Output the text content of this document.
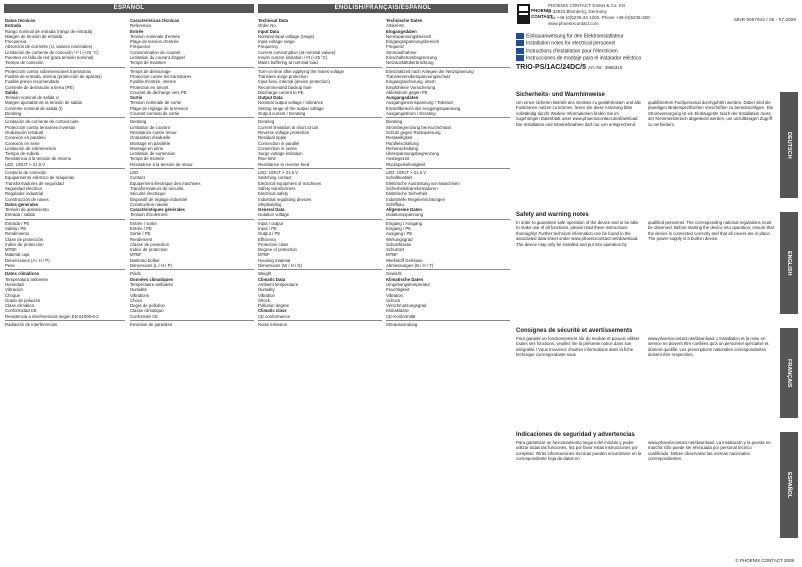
ESPAÑOL	ENGLISH/FRANÇAIS/ESPAÑOL	PHOENIX
CONTACT
PHOENIX CONTACT GmbH & Co. KG
D-32823 Blomberg, Germany
Fax +49-(0)5235-34 1200, Phone +49-(0)5235-300
www.phoenixcontact.com
MNR 9057942 / 05 - 07.2008
Datos técnicos
Entrada
Rango nominal de entrada (rango de entrada)
Margen de tensión de entrada
Frecuencia
Absorción de corriente (U, valores nominales)
Limitación de corriente de conexión / I² t (+25 °C)
Puenteo en fallo de red (para tensión nominal)
Tiempo de conexión
Protección contra sobretensiones transitorias
Fusible de entrada, interna (protección de aparato)
Fusible previo recomendado
Corriente de derivación a tierra (PE)
Salida
Tensión nominal de salida U
Margen ajustable de la tensión de salida
Corriente nominal de salida (I)
Derating
Limitación de corriente de cortocircuito
Protección contra tensiones inversas
Ondulación residual
Conexión en paralelo
Conexión en serie
Limitación de sobretensión
Tiempo de subida
Resistencia a la tensión de retorno
LED: UOUT > 21,6 V
Contacto de conexión
Equipamiento eléctrico de máquinas
Transformadores de seguridad
Seguridad eléctrica
Regulador industrial
Construcción de naves
Datos generales
Tensión de aislamiento
Entrada / salida
Entrada / PE
Salida / PE
Rendimiento
Clase de protección
Índice de protección
MTBF
Material caja
Dimensiones (A / H / P)
Peso
Datos climáticos
Temperatura ambiente
Humedad
Vibración
Choque
Grado de polución
Clase climática
Conformidad CE
Resistencia a interferencias según EN 61000-6-2
Radiación de interferencias
Características técnicas
Referencia
Entrée
Tension nominale d'entrée
Plage de tension d'entrée
Fréquence
Consommation de courant
Limitation du courant d'appel
Temps de maintien
Temps de démarrage
Protection contre les transitoires
Fusible d'entrée, interne
Protection en amont
Courant de décharge vers PE
Sortie
Tension nominale de sortie
Plage de réglage de la tension
Courant nominal de sortie
Derating
Limitation de courant
Résistance contre retour
Ondulation résiduelle
Montage en parallèle
Montage en série
Limitation de surtension
Temps de montée
Résistance à la tension de retour
LED
Contact
Équipement électrique des machines
Transformateurs de sécurité
Sécurité électrique
Dispositif de réglage industriel
Construction navale
Caractéristiques générales
Tension d'isolement
Entrée / sortie
Entrée / PE
Sortie / PE
Rendement
Classe de protection
Indice de protection
MTBF
Matériau boîtier
Dimensions (L / H / P)
Poids
Données climatiques
Température ambiante
Humidité
Vibrations
Chocs
Degré de pollution
Classe climatique
Conformité CE
Émission de parasites
Technical Data
Order No.
Input Data
Nominal input voltage (range)
Input voltage range
Frequency
Current consumption (at nominal values)
Inrush current limitation / I²t (+25 °C)
Mains buffering at nominal load
Turn-on time after applying the mains voltage
Transient surge protection
Input fuse, internal (device protection)
Recommended backup fuse
Discharge current to PE
Output Data
Nominal output voltage / tolerance
Setting range of the output voltage
Output current / Derating
Derating
Current limitation at short circuit
Reverse voltage protection
Residual ripple
Connection in parallel
Connection in series
Surge voltage limitation
Rise time
Resistance to reverse feed
LED: UOUT > 21.6 V
Switching contact
Electrical equipment of machines
Safety transformers
Electrical safety
Industrial regulating devices
Shipbuilding
General Data
Isolation voltage
Input / output
Input / PE
Output / PE
Efficiency
Protection class
Degree of protection
MTBF
Housing material
Dimensions (W / H / D)
Weight
Climatic Data
Ambient temperature
Humidity
Vibration
Shock
Pollution degree
Climatic class
CE conformance
Noise emission
Technische Daten
Artikel-Nr.
Eingangsdaten
Nennspannungsbereich
Eingangsspannungsbereich
Frequenz
Stromaufnahme
Einschaltstrombegrenzung
Netzausfallüberbrückung
Einschaltzeit nach Anlegen der Netzspannung
Transientenüberspannungsschutz
Eingangssicherung, intern
Empfohlene Vorsicherung
Ableitstrom gegen PE
Ausgangsdaten
Ausgangsnennspannung / Toleranz
Einstellbereich der Ausgangsspannung
Ausgangsstrom / Derating
Derating
Strombegrenzung bei Kurzschluss
Schutz gegen Rückspeisung
Restwelligkeit
Parallelschaltung
Reihenschaltung
Überspannungsbegrenzung
Anstiegszeit
Rückspeisefestigkeit
LED: UOUT > 21,6 V
Schaltkontakt
Elektrische Ausrüstung von Maschinen
Sicherheitstransformatoren
Elektrische Sicherheit
Industrielle Regeleinrichtungen
Schiffbau
Allgemeine Daten
Isolationsspannung
Eingang / Ausgang
Eingang / PE
Ausgang / PE
Wirkungsgrad
Schutzklasse
Schutzart
MTBF
Werkstoff Gehäuse
Abmessungen (B / H / T)
Gewicht
Klimatische Daten
Umgebungstemperatur
Feuchtigkeit
Vibration
Schock
Verschmutzungsgrad
Klimaklasse
CE-Konformität
Störaussendung
Einbauanweisung für den Elektroinstallateur
Installation notes for electrical personnel
Instructions d'installation pour l'électricien
Instrucciones de montaje para el instalador eléctrico
TRIO-PS/1AC/24DC/5 Art.-Nr.: 2866310
Sicherheits- und Warnhinweise
Um einen sicheren Betrieb des Gerätes zu gewährleisten und alle Funktionen nutzen zu können, lesen Sie diese Anleitung bitte vollständig durch! Weitere Informationen finden Sie im zugehörigen Datenblatt unter www.phoenixcontact.de/download. Die Installation und Inbetriebnahme darf nur von entsprechend qualifiziertem Fachpersonal durchgeführt werden. Dabei sind die jeweiligen länderspezifischen Vorschriften zu berücksichtigen. Die Stromversorgung ist ein Einbaugerät. Nach der Installation muss der Klemmenbereich abgedeckt werden, um unzulässigen Zugriff zu verhindern.
DEUTSCH
Safety and warning notes
In order to guarantee safe operation of the device and to be able to make use of all functions, please read these instructions thoroughly! Further technical information can be found in the associated data sheet under www.phoenixcontact.net/download. The device may only be installed and put into operation by qualified personnel. The corresponding national regulations must be observed. Before starting the device into operation, ensure that the device is connected correctly and that all covers are in place. The power supply is a built-in device.
ENGLISH
Consignes de sécurité et avertissements
Pour garantir un fonctionnement sûr du module et pouvoir utiliser toutes ses fonctions, veuillez lire la présente notice dans son intégralité ! Vous trouverez d'autres informations dans la fiche technique correspondante sous www.phoenixcontact.net/download. L'installation et la mise en service ne doivent être confiées qu'à un personnel spécialisé et dûment qualifié. Les prescriptions nationales correspondantes doivent être respectées.
FRANÇAIS
Indicaciones de seguridad y advertencias
Para garantizar un funcionamiento seguro del módulo y poder utilizar todas las funciones, lea por favor estas instrucciones por completo. Otras informaciones técnicas pueden encontrarse en la correspondiente hoja de datos en www.phoenixcontact.net/download. La instalación y la puesta en marcha sólo puede ser efectuada por personal técnico cualificado. Deben observarse las normas nacionales correspondientes.
ESPAÑOL
© PHOENIX CONTACT 2008
